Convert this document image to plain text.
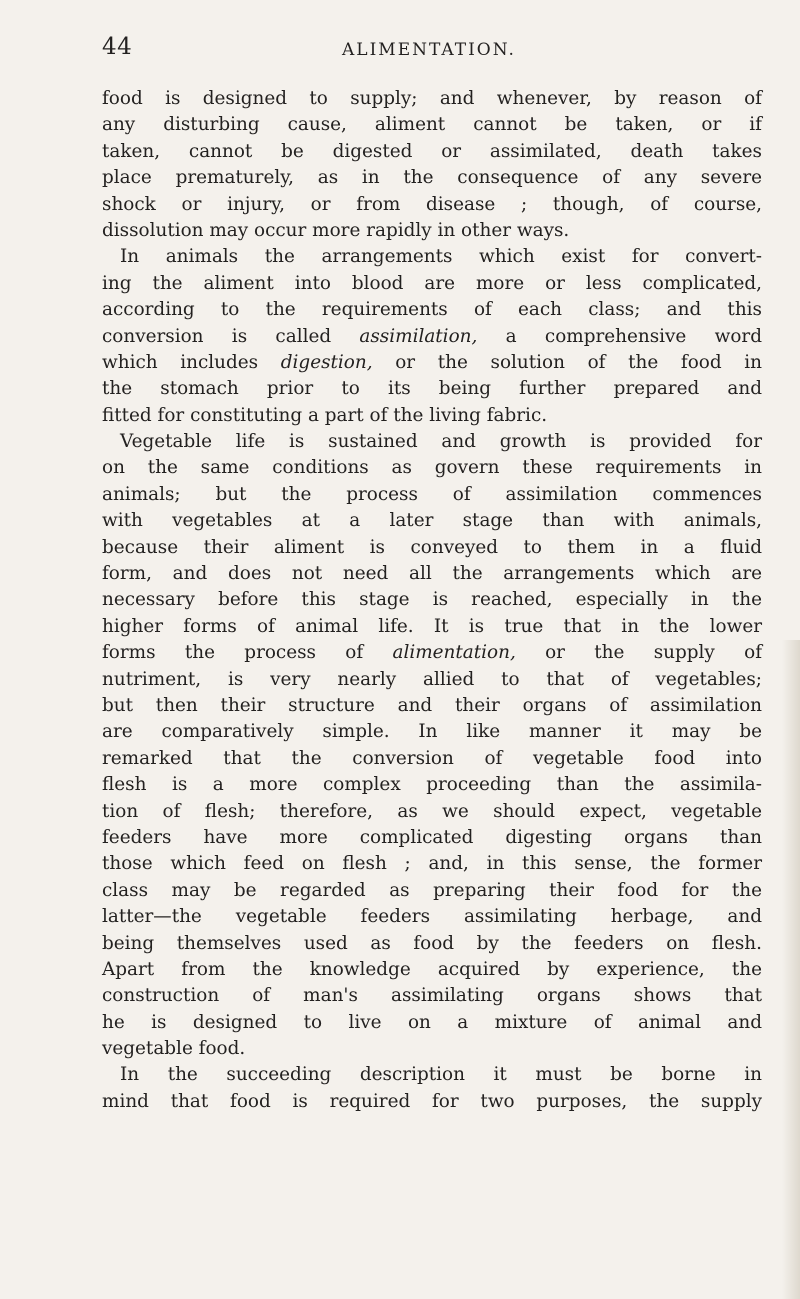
44	ALIMENTATION.
food is designed to supply; and whenever, by reason of
any disturbing cause, aliment cannot be taken, or if
taken, cannot be digested or assimilated, death takes
place prematurely, as in the consequence of any severe
shock or injury, or from disease ; though, of course,
dissolution may occur more rapidly in other ways.
In animals the arrangements which exist for convert-
ing the aliment into blood are more or less complicated,
according to the requirements of each class; and this
conversion is called assimilation, a comprehensive word
which includes digestion, or the solution of the food in
the stomach prior to its being further prepared and
fitted for constituting a part of the living fabric.
Vegetable life is sustained and growth is provided for
on the same conditions as govern these requirements in
animals; but the process of assimilation commences
with vegetables at a later stage than with animals,
because their aliment is conveyed to them in a fluid
form, and does not need all the arrangements which are
necessary before this stage is reached, especially in the
higher forms of animal life. It is true that in the lower
forms the process of alimentation, or the supply of
nutriment, is very nearly allied to that of vegetables;
but then their structure and their organs of assimilation
are comparatively simple. In like manner it may be
remarked that the conversion of vegetable food into
flesh is a more complex proceeding than the assimila-
tion of flesh; therefore, as we should expect, vegetable
feeders have more complicated digesting organs than
those which feed on flesh ; and, in this sense, the former
class may be regarded as preparing their food for the
latter—the vegetable feeders assimilating herbage, and
being themselves used as food by the feeders on flesh.
Apart from the knowledge acquired by experience, the
construction of man's assimilating organs shows that
he is designed to live on a mixture of animal and
vegetable food.
In the succeeding description it must be borne in
mind that food is required for two purposes, the supply
